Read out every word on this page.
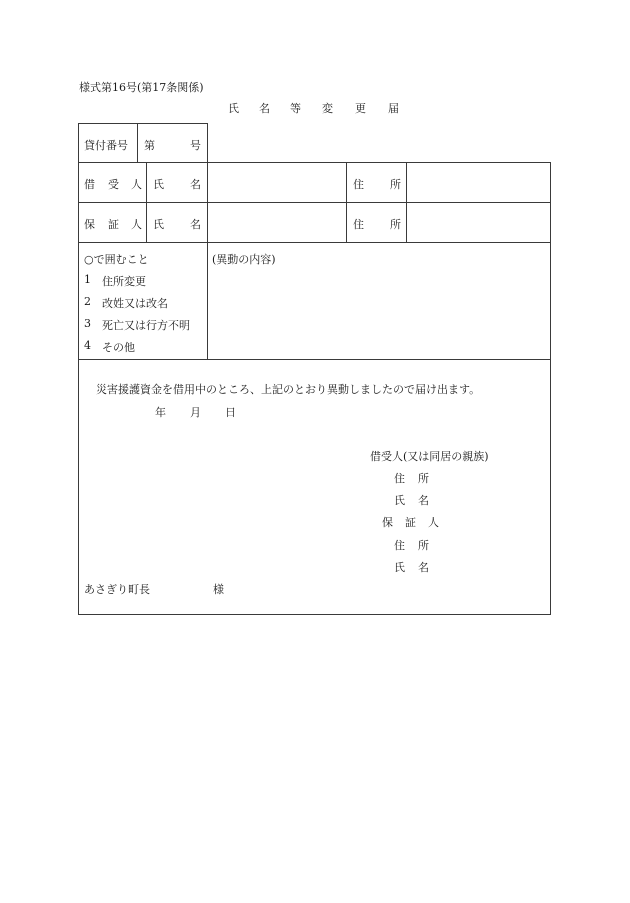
様式第16号(第17条関係)
氏 名 等 変 更 届
貸付番号 第	号
借 受 人 氏 名	住 所
保 証 人 氏 名	住 所
○で囲むこと
1 住所変更
2 改姓又は改名
3 死亡又は行方不明
4 その他
(異動の内容)
災害援護資金を借用中のところ、上記のとおり異動しましたので届け出ます。
年 月 日
借受人(又は同居の親族)
住 所
氏 名
保 証 人
住 所
氏 名
あさぎり町長	様
